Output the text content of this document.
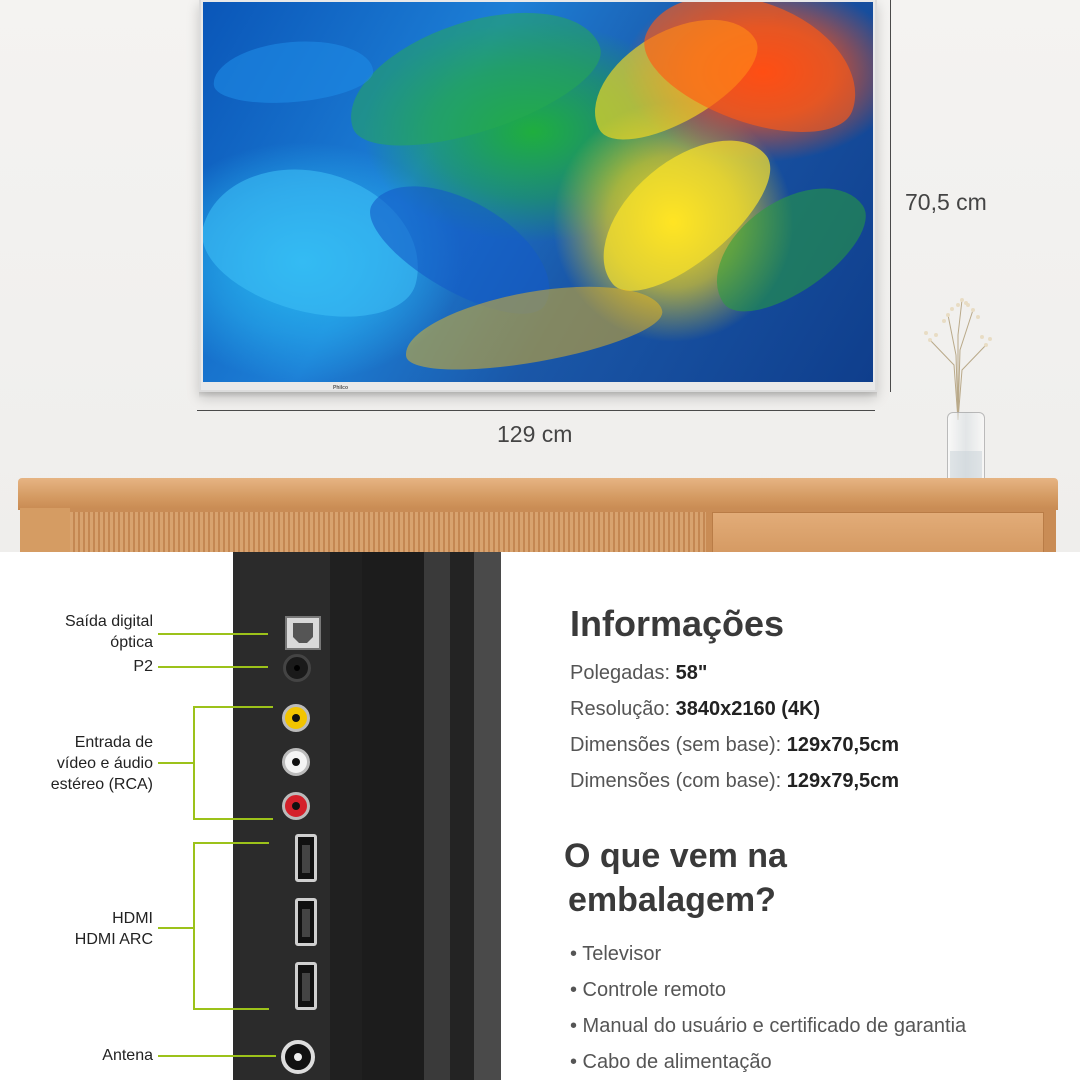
Philco
70,5 cm
129 cm
Saída digital
óptica
P2
Entrada de
vídeo e áudio
estéreo (RCA)
HDMI
HDMI ARC
Antena
Informações
Polegadas: 58"
Resolução: 3840x2160 (4K)
Dimensões (sem base): 129x70,5cm
Dimensões (com base): 129x79,5cm
O que vem na
embalagem?
• Televisor
• Controle remoto
• Manual do usuário e certificado de garantia
• Cabo de alimentação
